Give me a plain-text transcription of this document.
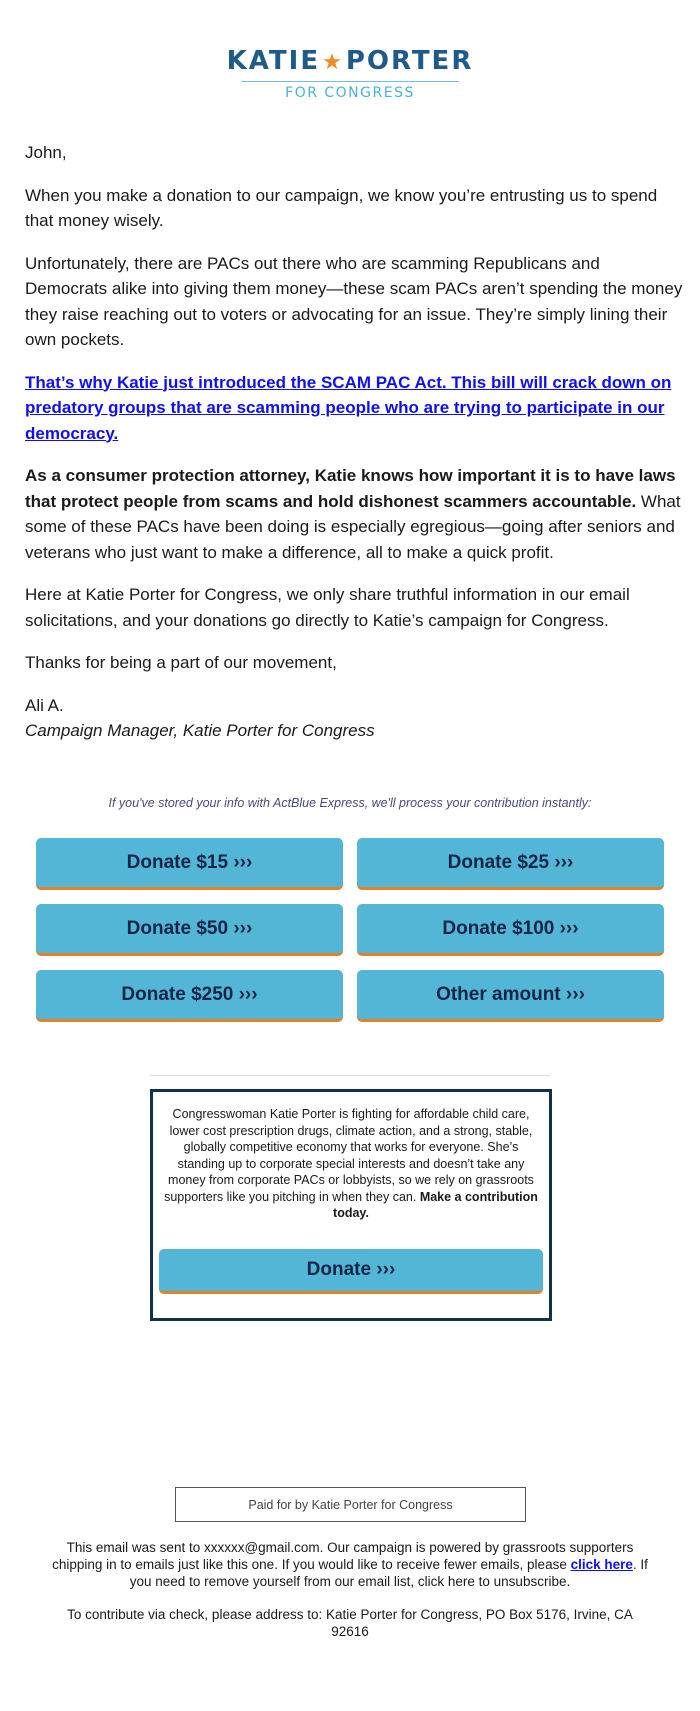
KATIE★PORTER
FOR CONGRESS

John,

When you make a donation to our campaign, we know you’re entrusting us to spend that money wisely.

Unfortunately, there are PACs out there who are scamming Republicans and Democrats alike into giving them money—these scam PACs aren’t spending the money they raise reaching out to voters or advocating for an issue. They’re simply lining their own pockets.

That’s why Katie just introduced the SCAM PAC Act. This bill will crack down on predatory groups that are scamming people who are trying to participate in our democracy.

As a consumer protection attorney, Katie knows how important it is to have laws that protect people from scams and hold dishonest scammers accountable. What some of these PACs have been doing is especially egregious—going after seniors and veterans who just want to make a difference, all to make a quick profit.

Here at Katie Porter for Congress, we only share truthful information in our email solicitations, and your donations go directly to Katie’s campaign for Congress.

Thanks for being a part of our movement,

Ali A.
Campaign Manager, Katie Porter for Congress

If you've stored your info with ActBlue Express, we'll process your contribution instantly:
Donate $15 ›››	Donate $25 ›››
Donate $50 ›››	Donate $100 ›››
Donate $250 ›››	Other amount ›››
Congresswoman Katie Porter is fighting for affordable child care, lower cost prescription drugs, climate action, and a strong, stable, globally competitive economy that works for everyone. She’s standing up to corporate special interests and doesn’t take any money from corporate PACs or lobbyists, so we rely on grassroots supporters like you pitching in when they can. Make a contribution today.
Donate ›››
Paid for by Katie Porter for Congress

This email was sent to xxxxxx@gmail.com. Our campaign is powered by grassroots supporters chipping in to emails just like this one. If you would like to receive fewer emails, please click here. If you need to remove yourself from our email list, click here to unsubscribe.

To contribute via check, please address to: Katie Porter for Congress, PO Box 5176, Irvine, CA 92616
